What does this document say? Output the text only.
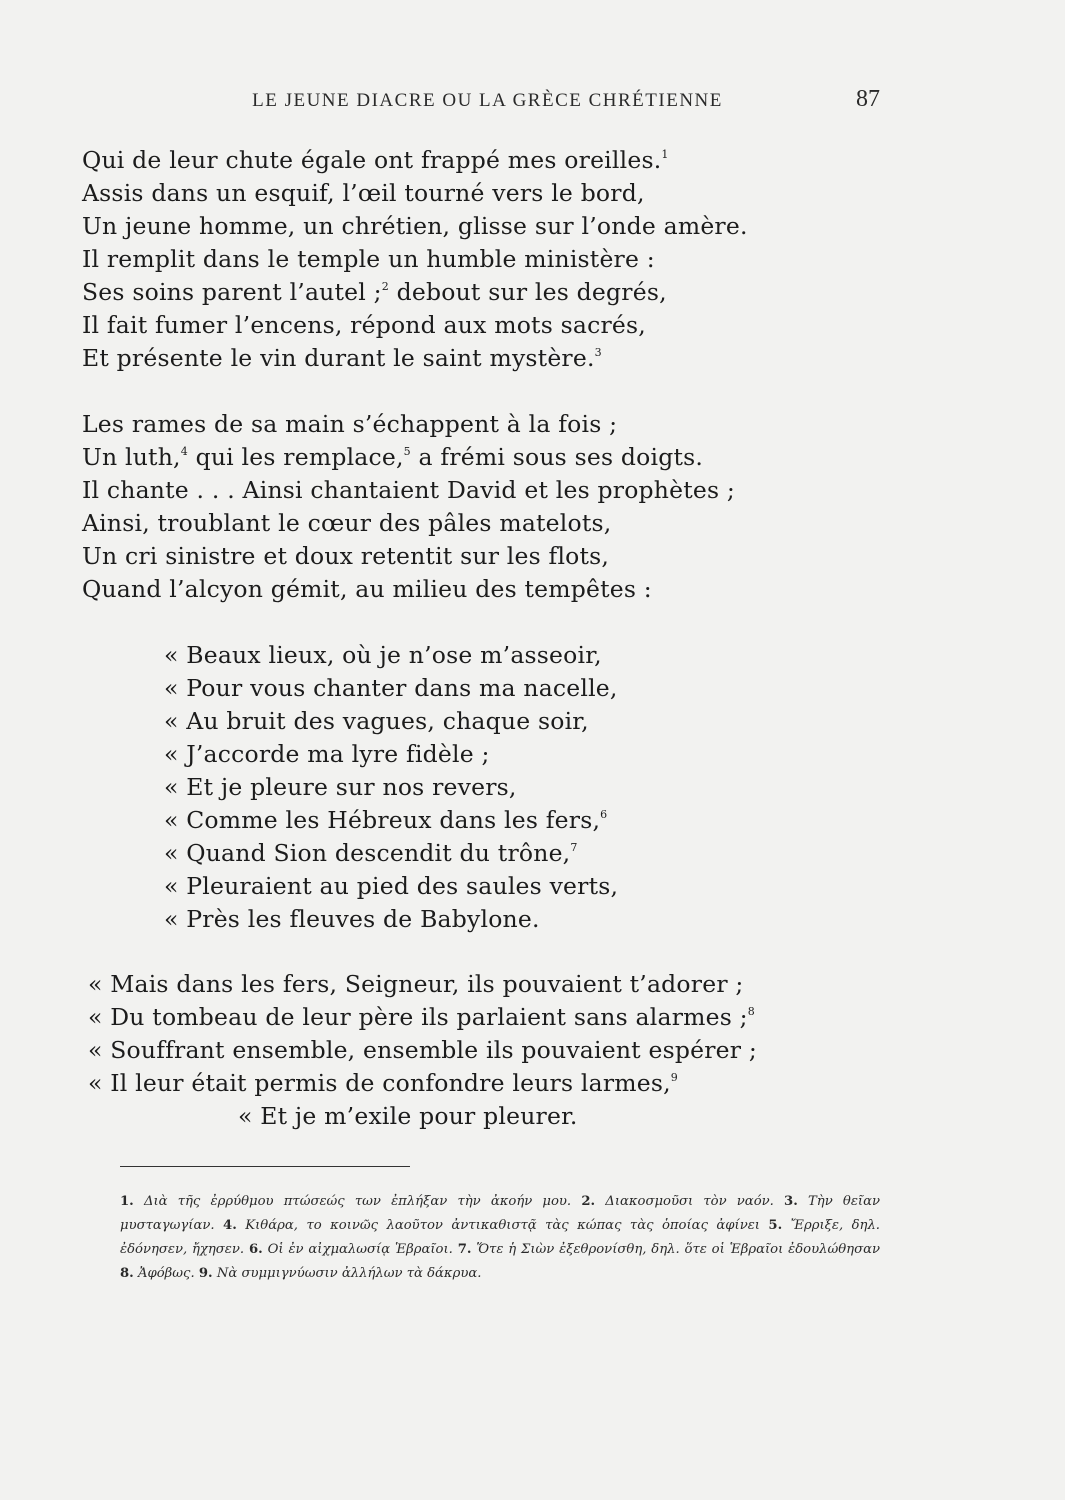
LE JEUNE DIACRE OU LA GRÈCE CHRÉTIENNE	87
Qui de leur chute égale ont frappé mes oreilles.$^1$
Assis dans un esquif, l’œil tourné vers le bord,
Un jeune homme, un chrétien, glisse sur l’onde amère.
Il remplit dans le temple un humble ministère :
Ses soins parent l’autel ;$^2$ debout sur les degrés,
Il fait fumer l’encens, répond aux mots sacrés,
Et présente le vin durant le saint mystère.$^3$
Les rames de sa main s’échappent à la fois ;
Un luth,$^4$ qui les remplace,$^5$ a frémi sous ses doigts.
Il chante . . . Ainsi chantaient David et les prophètes ;
Ainsi, troublant le cœur des pâles matelots,
Un cri sinistre et doux retentit sur les flots,
Quand l’alcyon gémit, au milieu des tempêtes :
« Beaux lieux, où je n’ose m’asseoir,
« Pour vous chanter dans ma nacelle,
« Au bruit des vagues, chaque soir,
« J’accorde ma lyre fidèle ;
« Et je pleure sur nos revers,
« Comme les Hébreux dans les fers,$^6$
« Quand Sion descendit du trône,$^7$
« Pleuraient au pied des saules verts,
« Près les fleuves de Babylone.
« Mais dans les fers, Seigneur, ils pouvaient t’adorer ;
« Du tombeau de leur père ils parlaient sans alarmes ;$^8$
« Souffrant ensemble, ensemble ils pouvaient espérer ;
« Il leur était permis de confondre leurs larmes,$^9$
« Et je m’exile pour pleurer.
1. Διὰ τῆς ἐρρύθμου πτώσεώς των ἐπλήξαν τὴν ἀκοήν μου. 2. Διακοσμοῦσι τὸν ναόν. 3. Τὴν θεῖαν μυσταγωγίαν. 4. Κιθάρα, το κοινῶς λαοῦτον ἀντικαθιστᾷ τὰς κώπας τὰς ὁποίας ἀφίνει 5. Ἔρριξε, δηλ. ἐδόνησεν, ἤχησεν. 6. Οἱ ἐν αἰχμαλωσίᾳ Ἑβραῖοι. 7. Ὅτε ἡ Σιὼν ἐξεθρονίσθη, δηλ. ὅτε οἱ Ἑβραῖοι ἐδουλώθησαν 8. Ἀφόβως. 9. Νὰ συμμιγνύωσιν ἀλλήλων τὰ δάκρυα.
